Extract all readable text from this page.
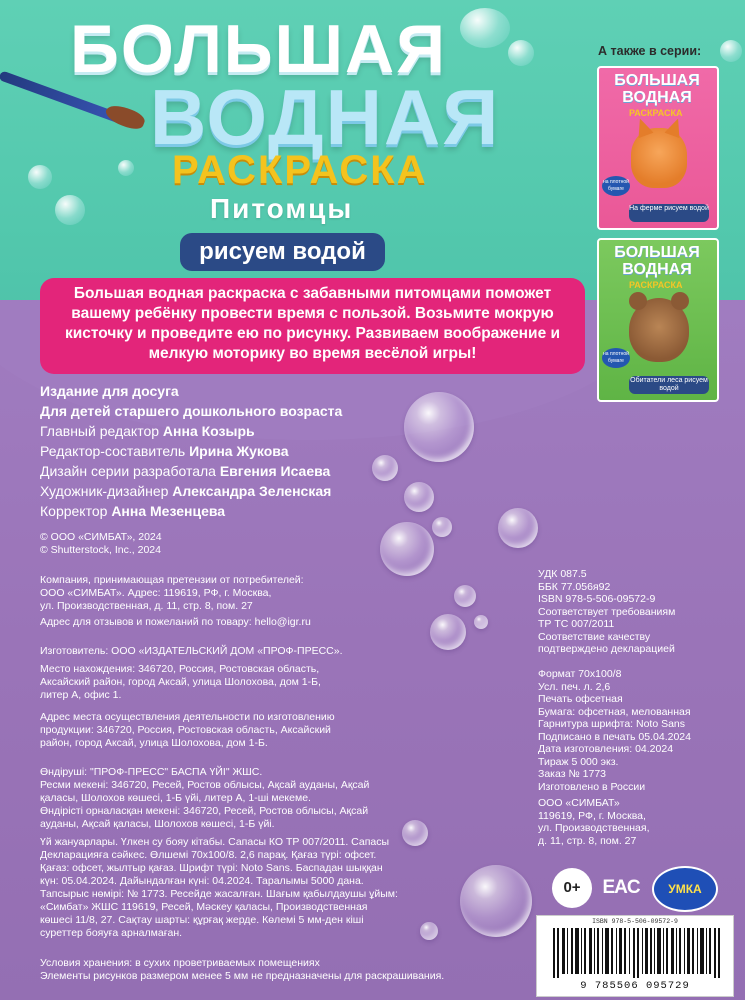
БОЛЬШАЯ
ВОДНАЯ
РАСКРАСКА
Питомцы
рисуем водой
Большая водная раскраска с забавными питомцами поможет вашему ребёнку провести время с пользой. Возьмите мокрую кисточку и проведите ею по рисунку. Развиваем воображение и мелкую моторику во время весёлой игры!
А также в серии:
БОЛЬШАЯ
ВОДНАЯ
РАСКРАСКА
на плотной бумаге
На ферме рисуем водой
БОЛЬШАЯ
ВОДНАЯ
РАСКРАСКА
на плотной бумаге
Обитатели леса рисуем водой
Издание для досуга
Для детей старшего дошкольного возраста
Главный редактор Анна Козырь
Редактор-составитель Ирина Жукова
Дизайн серии разработала Евгения Исаева
Художник-дизайнер Александра Зеленская
Корректор Анна Мезенцева
© ООО «СИМБАТ», 2024
© Shutterstock, Inc., 2024
Компания, принимающая претензии от потребителей:
ООО «СИМБАТ». Адрес: 119619, РФ, г. Москва,
ул. Производственная, д. 11, стр. 8, пом. 27
Адрес для отзывов и пожеланий по товару: hello@igr.ru
Изготовитель: ООО «ИЗДАТЕЛЬСКИЙ ДОМ «ПРОФ-ПРЕСС».
Место нахождения: 346720, Россия, Ростовская область,
Аксайский район, город Аксай, улица Шолохова, дом 1-Б,
литер А, офис 1.
Адрес места осуществления деятельности по изготовлению
продукции: 346720, Россия, Ростовская область, Аксайский
район, город Аксай, улица Шолохова, дом 1-Б.
Өндіруші: "ПРОФ-ПРЕСС" БАСПА ҮЙІ" ЖШС.
Ресми мекені: 346720, Ресей, Ростов облысы, Ақсай ауданы, Ақсай
қаласы, Шолохов көшесі, 1-Б үйі, литер А, 1-ші мекеме.
Өндірісті орналасқан мекені: 346720, Ресей, Ростов облысы, Ақсай
ауданы, Ақсай қаласы, Шолохов көшесі, 1-Б үйі.
Үй жануарлары. Үлкен су бояу кітабы. Сапасы КО ТР 007/2011. Сапасы
Декларацияға сәйкес. Өлшемі 70х100/8. 2,6 парақ. Қағаз түрі: офсет.
Қағаз: офсет, жылтыр қағаз. Шрифт түрі: Noto Sans. Баспадан шыққан
күн: 05.04.2024. Дайындалған күні: 04.2024. Таралымы 5000 дана.
Тапсырыс нөмірі: № 1773. Ресейде жасалған. Шағым қабылдаушы ұйым:
«Симбат» ЖШС 119619, Ресей, Мәскеу қаласы, Производственная
көшесі 11/8, 27. Сақтау шарты: құрғақ жерде. Көлемі 5 мм-ден кіші
суреттер бояуға арналмаған.
Условия хранения: в сухих проветриваемых помещениях
Элементы рисунков размером менее 5 мм не предназначены для раскрашивания.
УДК 087.5
ББК 77.056я92
ISBN 978-5-506-09572-9
Соответствует требованиям
ТР ТС 007/2011
Соответствие качеству
подтверждено декларацией
Формат 70x100/8
Усл. печ. л. 2,6
Печать офсетная
Бумага: офсетная, мелованная
Гарнитура шрифта: Noto Sans
Подписано в печать 05.04.2024
Дата изготовления: 04.2024
Тираж 5 000 экз.
Заказ № 1773
Изготовлено в России
ООО «СИМБАТ»
119619, РФ, г. Москва,
ул. Производственная,
д. 11, стр. 8, пом. 27
0+	EAC	УМКА
ISBN 978-5-506-09572-9
9 785506 095729
